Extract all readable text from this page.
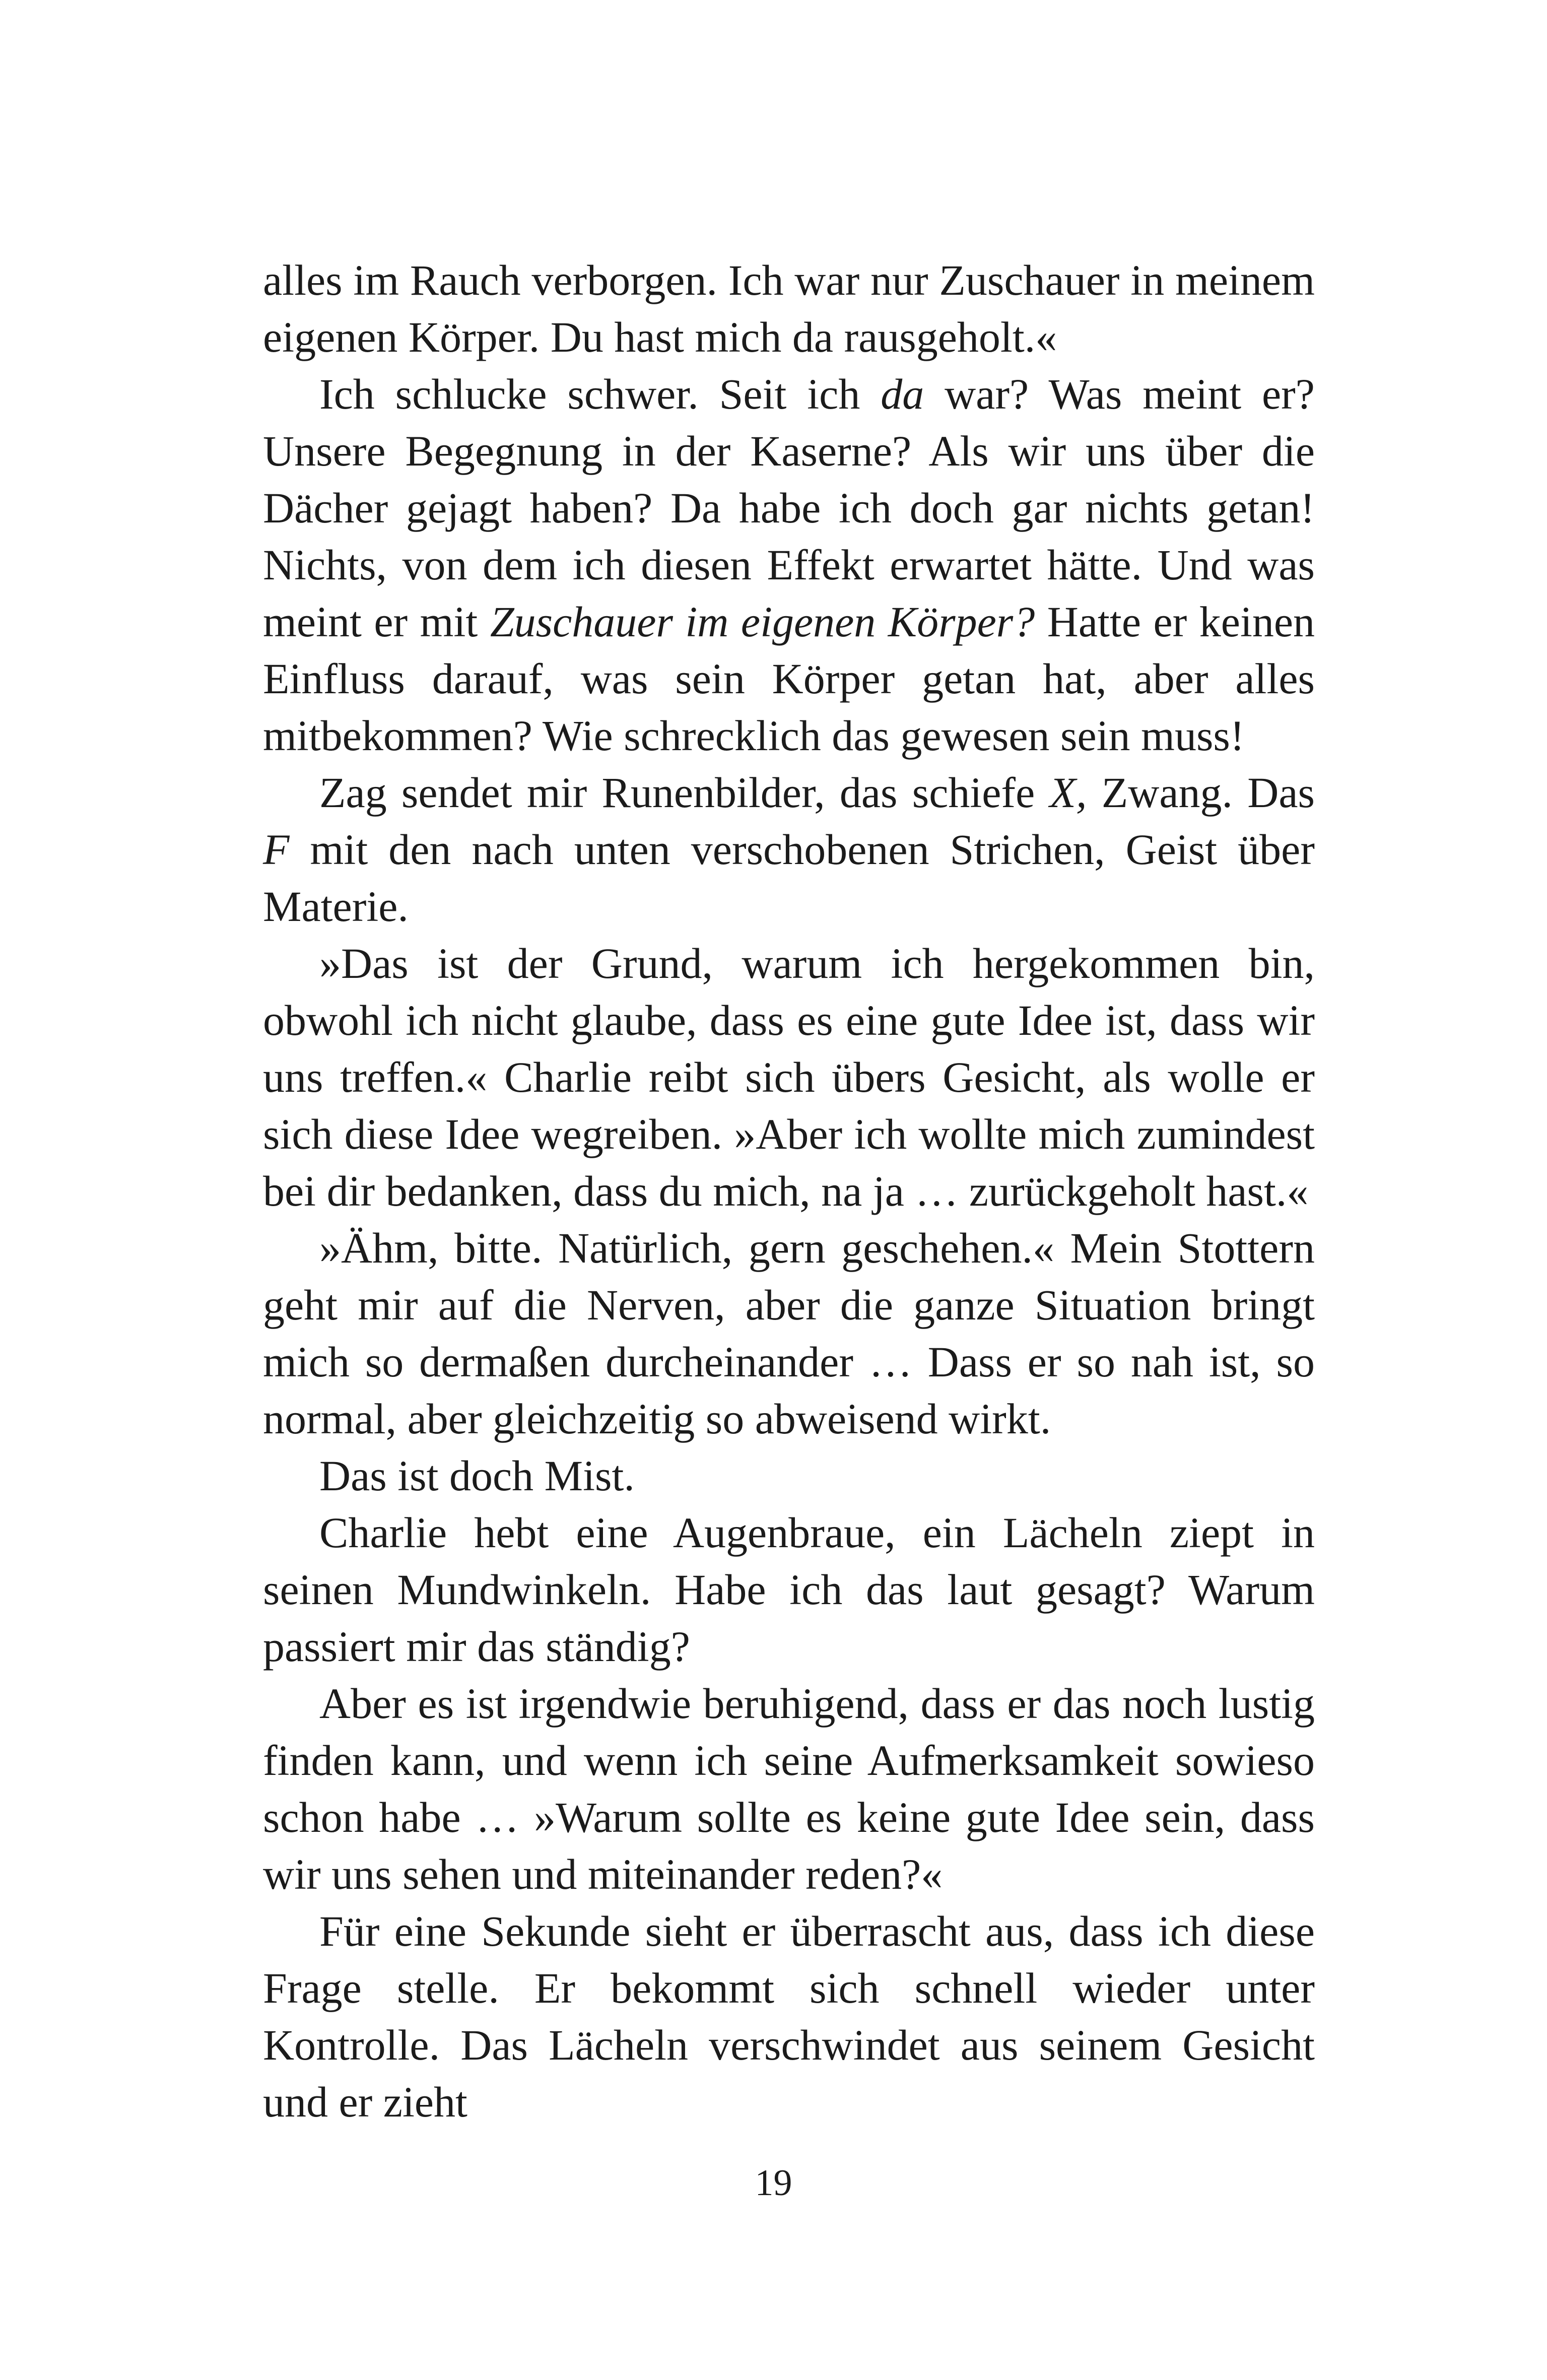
alles im Rauch verborgen. Ich war nur Zuschauer in meinem eigenen Körper. Du hast mich da rausgeholt.«

Ich schlucke schwer. Seit ich da war? Was meint er? Unsere Begegnung in der Kaserne? Als wir uns über die Dächer gejagt haben? Da habe ich doch gar nichts getan! Nichts, von dem ich diesen Effekt erwartet hätte. Und was meint er mit Zuschauer im eigenen Körper? Hatte er keinen Einfluss darauf, was sein Körper getan hat, aber alles mitbekommen? Wie schrecklich das gewesen sein muss!

Zag sendet mir Runenbilder, das schiefe X, Zwang. Das F mit den nach unten verschobenen Strichen, Geist über Materie.

»Das ist der Grund, warum ich hergekommen bin, obwohl ich nicht glaube, dass es eine gute Idee ist, dass wir uns treffen.« Charlie reibt sich übers Gesicht, als wolle er sich diese Idee wegreiben. »Aber ich wollte mich zumindest bei dir bedanken, dass du mich, na ja … zurückgeholt hast.«

»Ähm, bitte. Natürlich, gern geschehen.« Mein Stottern geht mir auf die Nerven, aber die ganze Situation bringt mich so dermaßen durcheinander … Dass er so nah ist, so normal, aber gleichzeitig so abweisend wirkt.

Das ist doch Mist.

Charlie hebt eine Augenbraue, ein Lächeln ziept in seinen Mundwinkeln. Habe ich das laut gesagt? Warum passiert mir das ständig?

Aber es ist irgendwie beruhigend, dass er das noch lustig finden kann, und wenn ich seine Aufmerksamkeit sowieso schon habe … »Warum sollte es keine gute Idee sein, dass wir uns sehen und miteinander reden?«

Für eine Sekunde sieht er überrascht aus, dass ich diese Frage stelle. Er bekommt sich schnell wieder unter Kontrolle. Das Lächeln verschwindet aus seinem Gesicht und er zieht

19
